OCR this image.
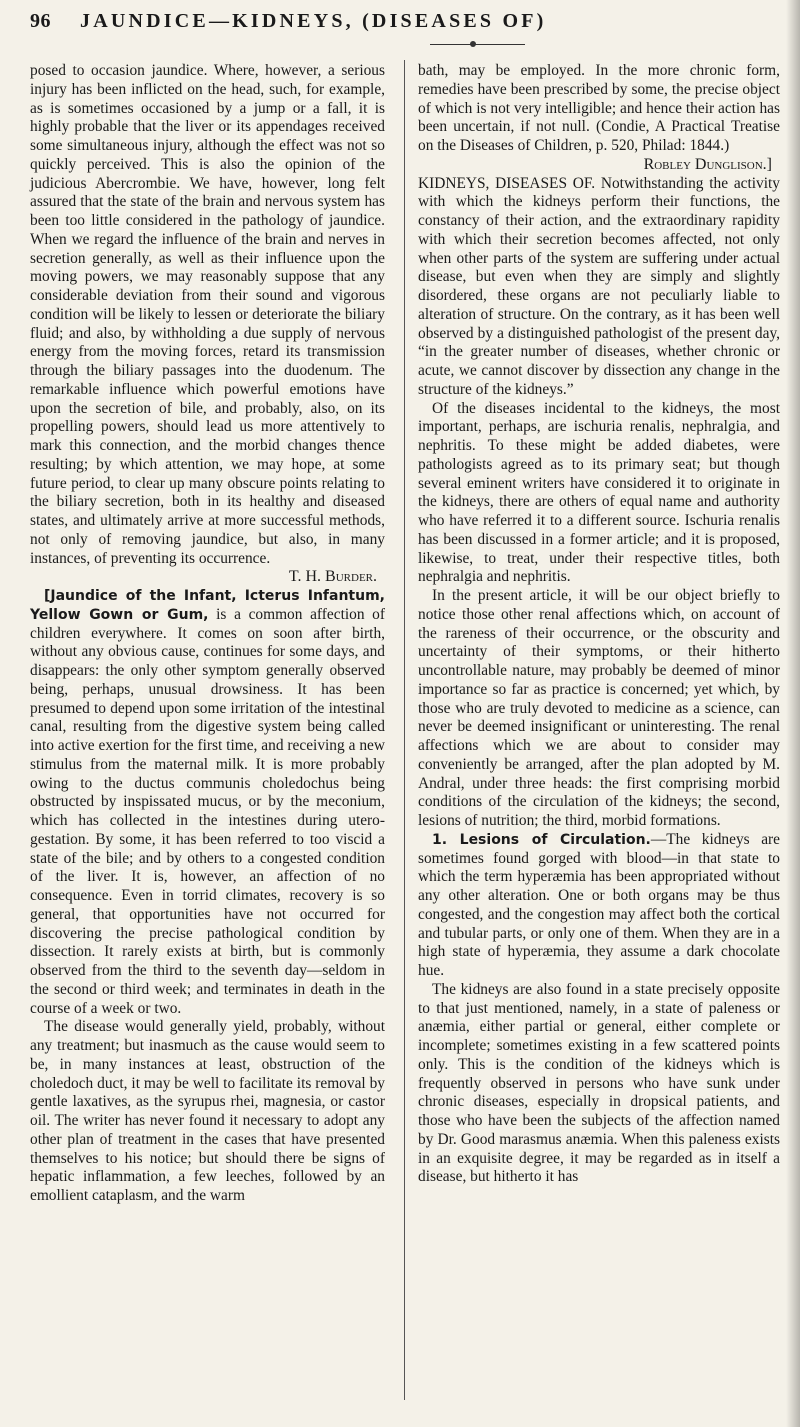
96 JAUNDICE—KIDNEYS, (DISEASES OF)

posed to occasion jaundice. Where, however, a serious injury has been inflicted on the head, such, for example, as is sometimes occasioned by a jump or a fall, it is highly probable that the liver or its appendages received some simultaneous injury, although the effect was not so quickly perceived. This is also the opinion of the judicious Abercrombie. We have, however, long felt assured that the state of the brain and nervous system has been too little considered in the pathology of jaundice. When we regard the influence of the brain and nerves in secretion generally, as well as their influence upon the moving powers, we may reasonably suppose that any considerable deviation from their sound and vigorous condition will be likely to lessen or deteriorate the biliary fluid; and also, by withholding a due supply of nervous energy from the moving forces, retard its transmission through the biliary passages into the duodenum. The remarkable influence which powerful emotions have upon the secretion of bile, and probably, also, on its propelling powers, should lead us more attentively to mark this connection, and the morbid changes thence resulting; by which attention, we may hope, at some future period, to clear up many obscure points relating to the biliary secretion, both in its healthy and diseased states, and ultimately arrive at more successful methods, not only of removing jaundice, but also, in many instances, of preventing its occurrence.

T. H. Burder.

[Jaundice of the Infant, Icterus Infantum, Yellow Gown or Gum, is a common affection of children everywhere. It comes on soon after birth, without any obvious cause, continues for some days, and disappears: the only other symptom generally observed being, perhaps, unusual drowsiness. It has been presumed to depend upon some irritation of the intestinal canal, resulting from the digestive system being called into active exertion for the first time, and receiving a new stimulus from the maternal milk. It is more probably owing to the ductus communis choledochus being obstructed by inspissated mucus, or by the meconium, which has collected in the intestines during utero-gestation. By some, it has been referred to too viscid a state of the bile; and by others to a congested condition of the liver. It is, however, an affection of no consequence. Even in torrid climates, recovery is so general, that opportunities have not occurred for discovering the precise pathological condition by dissection. It rarely exists at birth, but is commonly observed from the third to the seventh day—seldom in the second or third week; and terminates in death in the course of a week or two.

The disease would generally yield, probably, without any treatment; but inasmuch as the cause would seem to be, in many instances at least, obstruction of the choledoch duct, it may be well to facilitate its removal by gentle laxatives, as the syrupus rhei, magnesia, or castor oil. The writer has never found it necessary to adopt any other plan of treatment in the cases that have presented themselves to his notice; but should there be signs of hepatic inflammation, a few leeches, followed by an emollient cataplasm, and the warm

bath, may be employed. In the more chronic form, remedies have been prescribed by some, the precise object of which is not very intelligible; and hence their action has been uncertain, if not null. (Condie, A Practical Treatise on the Diseases of Children, p. 520, Philad: 1844.)

Robley Dunglison.]

KIDNEYS, DISEASES OF. Notwithstanding the activity with which the kidneys perform their functions, the constancy of their action, and the extraordinary rapidity with which their secretion becomes affected, not only when other parts of the system are suffering under actual disease, but even when they are simply and slightly disordered, these organs are not peculiarly liable to alteration of structure. On the contrary, as it has been well observed by a distinguished pathologist of the present day, “in the greater number of diseases, whether chronic or acute, we cannot discover by dissection any change in the structure of the kidneys.”

Of the diseases incidental to the kidneys, the most important, perhaps, are ischuria renalis, nephralgia, and nephritis. To these might be added diabetes, were pathologists agreed as to its primary seat; but though several eminent writers have considered it to originate in the kidneys, there are others of equal name and authority who have referred it to a different source. Ischuria renalis has been discussed in a former article; and it is proposed, likewise, to treat, under their respective titles, both nephralgia and nephritis.

In the present article, it will be our object briefly to notice those other renal affections which, on account of the rareness of their occurrence, or the obscurity and uncertainty of their symptoms, or their hitherto uncontrollable nature, may probably be deemed of minor importance so far as practice is concerned; yet which, by those who are truly devoted to medicine as a science, can never be deemed insignificant or uninteresting. The renal affections which we are about to consider may conveniently be arranged, after the plan adopted by M. Andral, under three heads: the first comprising morbid conditions of the circulation of the kidneys; the second, lesions of nutrition; the third, morbid formations.

1. Lesions of Circulation.—The kidneys are sometimes found gorged with blood—in that state to which the term hyperæmia has been appropriated without any other alteration. One or both organs may be thus congested, and the congestion may affect both the cortical and tubular parts, or only one of them. When they are in a high state of hyperæmia, they assume a dark chocolate hue.

The kidneys are also found in a state precisely opposite to that just mentioned, namely, in a state of paleness or anæmia, either partial or general, either complete or incomplete; sometimes existing in a few scattered points only. This is the condition of the kidneys which is frequently observed in persons who have sunk under chronic diseases, especially in dropsical patients, and those who have been the subjects of the affection named by Dr. Good marasmus anæmia. When this paleness exists in an exquisite degree, it may be regarded as in itself a disease, but hitherto it has
